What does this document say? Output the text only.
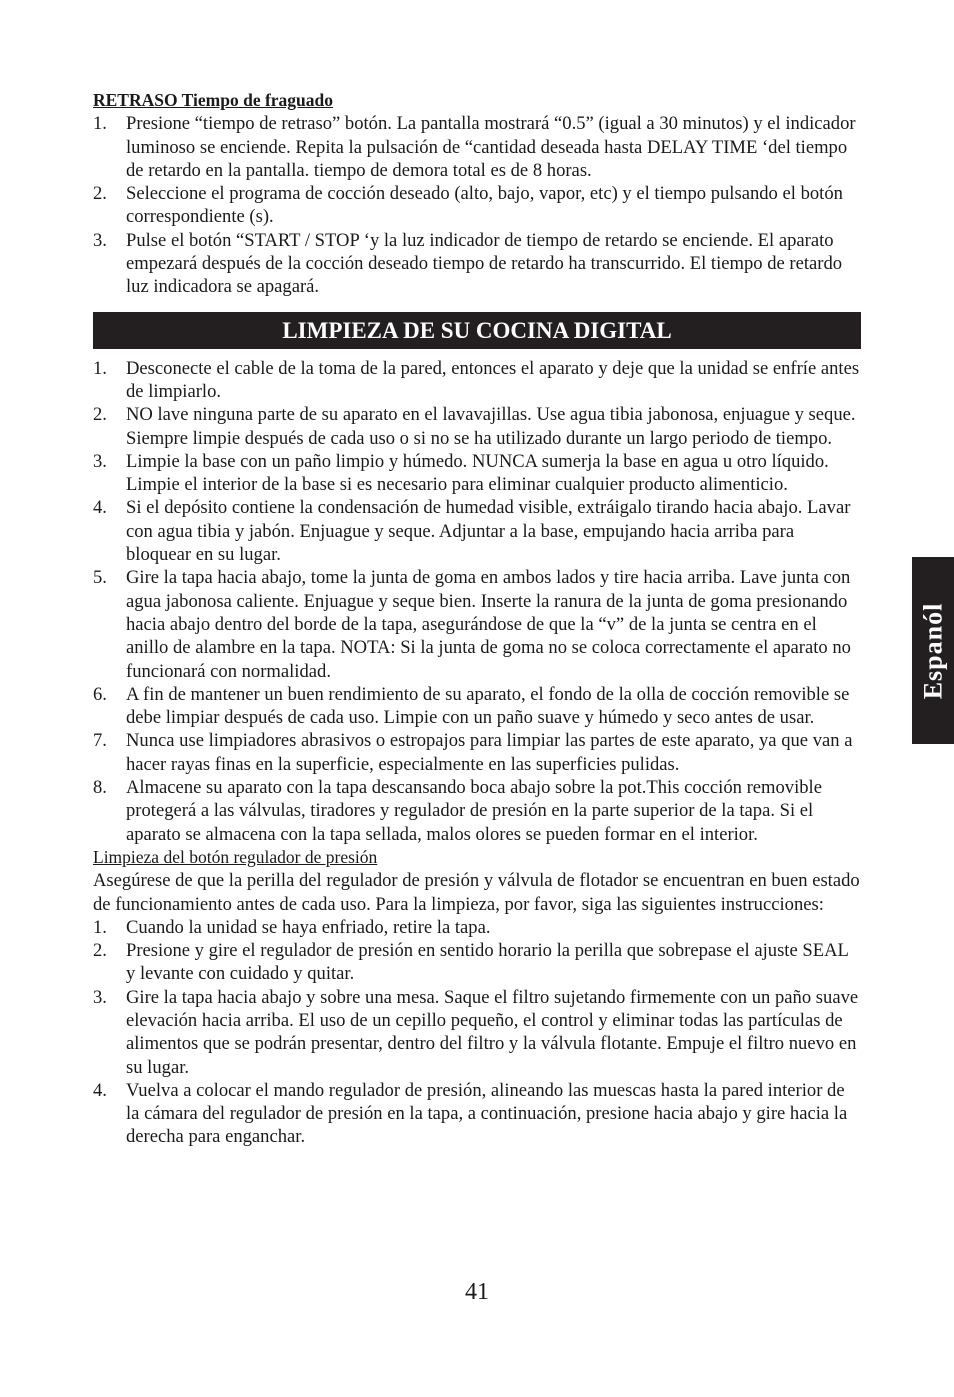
RETRASO Tiempo de fraguado
1. Presione “tiempo de retraso” botón. La pantalla mostrará “0.5” (igual a 30 minutos) y el indicador luminoso se enciende. Repita la pulsación de “cantidad deseada hasta DELAY TIME ‘del tiempo de retardo en la pantalla. tiempo de demora total es de 8 horas.
2. Seleccione el programa de cocción deseado (alto, bajo, vapor, etc) y el tiempo pulsando el botón correspondiente (s).
3. Pulse el botón “START / STOP ‘y la luz indicador de tiempo de retardo se enciende. El aparato empezará después de la cocción deseado tiempo de retardo ha transcurrido. El tiempo de retardo luz indicadora se apagará.
LIMPIEZA DE SU COCINA DIGITAL
1. Desconecte el cable de la toma de la pared, entonces el aparato y deje que la unidad se enfríe antes de limpiarlo.
2. NO lave ninguna parte de su aparato en el lavavajillas. Use agua tibia jabonosa, enjuague y seque. Siempre limpie después de cada uso o si no se ha utilizado durante un largo periodo de tiempo.
3. Limpie la base con un paño limpio y húmedo. NUNCA sumerja la base en agua u otro líquido. Limpie el interior de la base si es necesario para eliminar cualquier producto alimenticio.
4. Si el depósito contiene la condensación de humedad visible, extráigalo tirando hacia abajo. Lavar con agua tibia y jabón. Enjuague y seque. Adjuntar a la base, empujando hacia arriba para bloquear en su lugar.
5. Gire la tapa hacia abajo, tome la junta de goma en ambos lados y tire hacia arriba. Lave junta con agua jabonosa caliente. Enjuague y seque bien. Inserte la ranura de la junta de goma presionando hacia abajo dentro del borde de la tapa, asegurándose de que la “v” de la junta se centra en el anillo de alambre en la tapa. NOTA: Si la junta de goma no se coloca correctamente el aparato no funcionará con normalidad.
6. A fin de mantener un buen rendimiento de su aparato, el fondo de la olla de cocción removible se debe limpiar después de cada uso. Limpie con un paño suave y húmedo y seco antes de usar.
7. Nunca use limpiadores abrasivos o estropajos para limpiar las partes de este aparato, ya que van a hacer rayas finas en la superficie, especialmente en las superficies pulidas.
8. Almacene su aparato con la tapa descansando boca abajo sobre la pot.This cocción removible protegerá a las válvulas, tiradores y regulador de presión en la parte superior de la tapa. Si el aparato se almacena con la tapa sellada, malos olores se pueden formar en el interior.
Limpieza del botón regulador de presión

Asegúrese de que la perilla del regulador de presión y válvula de flotador se encuentran en buen estado de funcionamiento antes de cada uso. Para la limpieza, por favor, siga las siguientes instrucciones:

1. Cuando la unidad se haya enfriado, retire la tapa.
2. Presione y gire el regulador de presión en sentido horario la perilla que sobrepase el ajuste SEAL y levante con cuidado y quitar.
3. Gire la tapa hacia abajo y sobre una mesa. Saque el filtro sujetando firmemente con un paño suave elevación hacia arriba. El uso de un cepillo pequeño, el control y eliminar todas las partículas de alimentos que se podrán presentar, dentro del filtro y la válvula flotante. Empuje el filtro nuevo en su lugar.
4. Vuelva a colocar el mando regulador de presión, alineando las muescas hasta la pared interior de la cámara del regulador de presión en la tapa, a continuación, presione hacia abajo y gire hacia la derecha para enganchar.
Espanól
41
